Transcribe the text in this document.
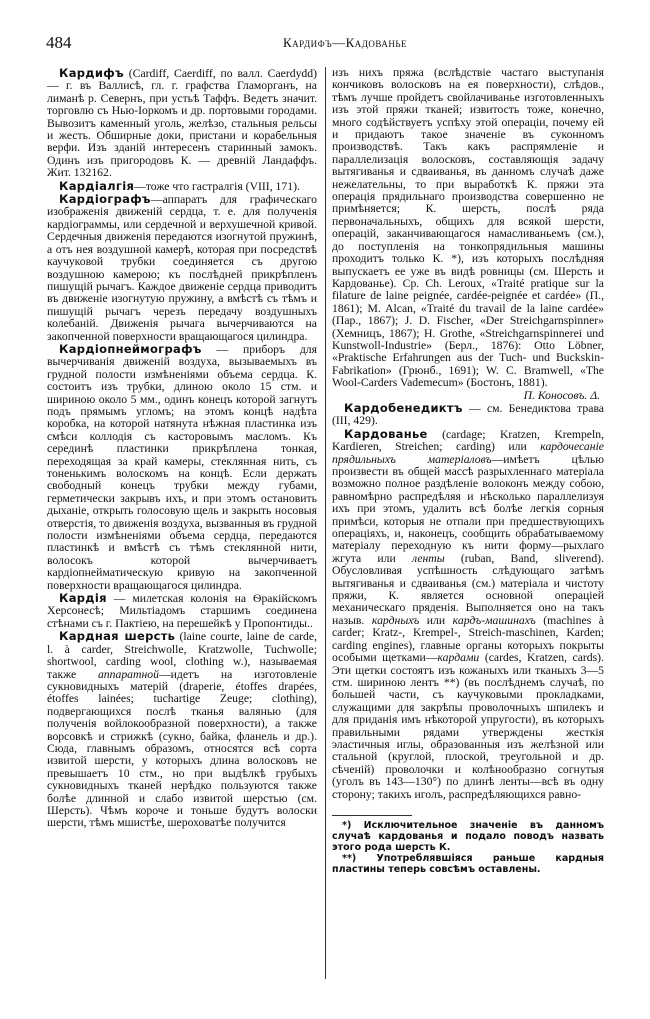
484	Кардифъ—Кадованье

Кардифъ (Cardiff, Caerdiff, по валл. Caerdydd) — г. въ Валлисѣ, гл. г. графства Гламорганъ, на лиманѣ р. Севернъ, при устьѣ Таффъ. Ведетъ значит. торговлю съ Нью-Іоркомъ и др. портовыми городами. Вывозитъ каменный уголь, желѣзо, стальныя рельсы и жесть. Обширные доки, пристани и корабельныя верфи. Изъ зданій интересенъ старинный замокъ. Одинъ изъ пригородовъ К. — древній Ландаффъ. Жит. 132162.

Кардіалгія—тоже что гастралгія (VIII, 171).

Кардіографъ—аппаратъ для графическаго изображенія движеній сердца, т. е. для полученія кардіограммы, или сердечной и верхушечной кривой. Сердечныя движенія передаются изогнутой пружинѣ, а отъ нея воздушной камерѣ, которая при посредствѣ каучуковой трубки соединяется съ другою воздушною камерою; къ послѣдней прикрѣпленъ пишущій рычагъ. Каждое движеніе сердца приводитъ въ движеніе изогнутую пружину, а вмѣстѣ съ тѣмъ и пишущій рычагъ черезъ передачу воздушныхъ колебаній. Движенія рычага вычерчиваются на закопченной поверхности вращающагося цилиндра.

Кардіопнеймографъ — приборъ для вычерчиванія движеній воздуха, вызываемыхъ въ грудной полости измѣненіями объема сердца. К. состоитъ изъ трубки, длиною около 15 стм. и шириною около 5 мм., одинъ конецъ которой загнутъ подъ прямымъ угломъ; на этомъ концѣ надѣта коробка, на которой натянута нѣжная пластинка изъ смѣси коллодія съ касторовымъ масломъ. Къ серединѣ пластинки прикрѣплена тонкая, переходящая за край камеры, стеклянная нить, съ тоненькимъ волоскомъ на концѣ. Если держать свободный конецъ трубки между губами, герметически закрывъ ихъ, и при этомъ остановить дыханіе, открыть голосовую щель и закрыть носовыя отверстія, то движенія воздуха, вызванныя въ грудной полости измѣненіями объема сердца, передаются пластинкѣ и вмѣстѣ съ тѣмъ стеклянной нити, волосокъ которой вычерчиваетъ кардіопнеймaтическую кривую на закопченной поверхности вращающагося цилиндра.

Кардія — милетская колонія на Ѳракійскомъ Херсонесѣ; Мильтіадомъ старшимъ соединена стѣнами съ г. Пактіею, на перешейкѣ у Пропонтиды..

Кардная шерсть (laine courte, laine de carde, l. à carder, Streichwolle, Kratzwolle, Tuchwolle; shortwool, carding wool, clothing w.), называемая также аппаратной—идетъ на изготовленіе сукновидныхъ матерій (draperie, étoffes drapées, étoffes lainées; tuchartige Zeuge; clothing), подвергающихся послѣ тканья валянью (для полученія войлокообразной поверхности), а также ворсовкѣ и стрижкѣ (сукно, байка, фланель и др.). Сюда, главнымъ образомъ, относятся всѣ сорта извитой шерсти, у которыхъ длина волосковъ не превышаетъ 10 стм., но при выдѣлкѣ грубыхъ сукновидныхъ тканей нерѣдко пользуются также болѣе длинной и слабо извитой шерстью (см. Шерсть). Чѣмъ короче и тоньше будутъ волоски шерсти, тѣмъ мшистѣе, шероховатѣе получится

изъ нихъ пряжа (вслѣдствіе частаго выступанія кончиковъ волосковъ на ея поверхности), слѣдов., тѣмъ лучше пройдетъ свойлачиванье изготовленныхъ изъ этой пряжи тканей; извитость тоже, конечно, много содѣйствуетъ успѣху этой операціи, почему ей и придаютъ такое значеніе въ суконномъ производствѣ. Такъ какъ распрямленіе и параллелизація волосковъ, составляющія задачу вытягиванья и сдваиванья, въ данномъ случаѣ даже нежелательны, то при выработкѣ К. пряжи эта операція прядильнаго производства совершенно не примѣняется; К. шерсть, послѣ ряда первоначальныхъ, общихъ для всякой шерсти, операцій, заканчивающагося намасливаньемъ (см.), до поступленія на тонкопрядильныя машины проходитъ только К. *), изъ которыхъ послѣдняя выпускаетъ ее уже въ видѣ ровницы (см. Шерсть и Кардованье). Ср. Ch. Leroux, «Traité pratique sur la filature de laine peignée, cardée-peignée et cardée» (П., 1861); M. Alcan, «Traité du travail de la laine cardée» (Пар., 1867); J. D. Fischer, «Der Streichgarnspinner» (Хемницъ, 1867); H. Grothe, «Streichgarnspinnerei und Kunstwoll-Industrie» (Берл., 1876): Otto Löbner, «Praktische Erfahrungen aus der Tuch- und Buckskin-Fabrikation» (Грюнб., 1691); W. C. Bramwell, «The Wool-Carders Vademecum» (Бостонъ, 1881).

П. Коносовъ. Δ.

Кардобенедиктъ — см. Бенедиктова трава (III, 429).

Кардованье (cardage; Kratzen, Krempeln, Kardieren, Streichen; carding) или кардочесаніе прядильныхъ матеріаловъ—имѣетъ цѣлью произвести въ общей массѣ разрыхленнаго матеріала возможно полное раздѣленіе волоконъ между собою, равномѣрно распредѣляя и нѣсколько параллелизуя ихъ при этомъ, удалить всѣ болѣе легкія сорныя примѣси, которыя не отпали при предшествующихъ операціяхъ, и, наконецъ, сообщить обрабатываемому матеріалу переходную къ нити форму—рыхлаго жгута или ленты (ruban, Band, sliverend). Обусловливая успѣшность слѣдующаго затѣмъ вытягиванья и сдваиванья (см.) матеріала и чистоту пряжи, К. является основной операціей механическаго пряденія. Выполняется оно на такъ назыв. кардныхъ или кардъ-машинахъ (machines à carder; Kratz-, Krempel-, Streich-maschinen, Karden; carding engines), главные органы которыхъ покрыты особыми щетками—кардами (cardes, Kratzen, cards). Эти щетки состоятъ изъ кожаныхъ или тканыхъ 3—5 стм. шириною лентъ **) (въ послѣднемъ случаѣ, по большей части, съ каучуковыми прокладками, служащими для закрѣпы проволочныхъ шпилекъ и для приданія имъ нѣкоторой упругости), въ которыхъ правильными рядами утверждены жесткія эластичныя иглы, образованныя изъ желѣзной или стальной (круглой, плоской, треугольной и др. сѣченій) проволочки и колѣнообразно согнутыя (уголъ въ 143—130°) по длинѣ ленты—всѣ въ одну сторону; такихъ иголъ, распредѣляющихся равно-

*) Исключительное значеніе въ данномъ случаѣ кардованья и подало поводъ назвать этого рода шерсть К.

**) Употреблявшіяся раньше кардныя пластины теперь совсѣмъ оставлены.
